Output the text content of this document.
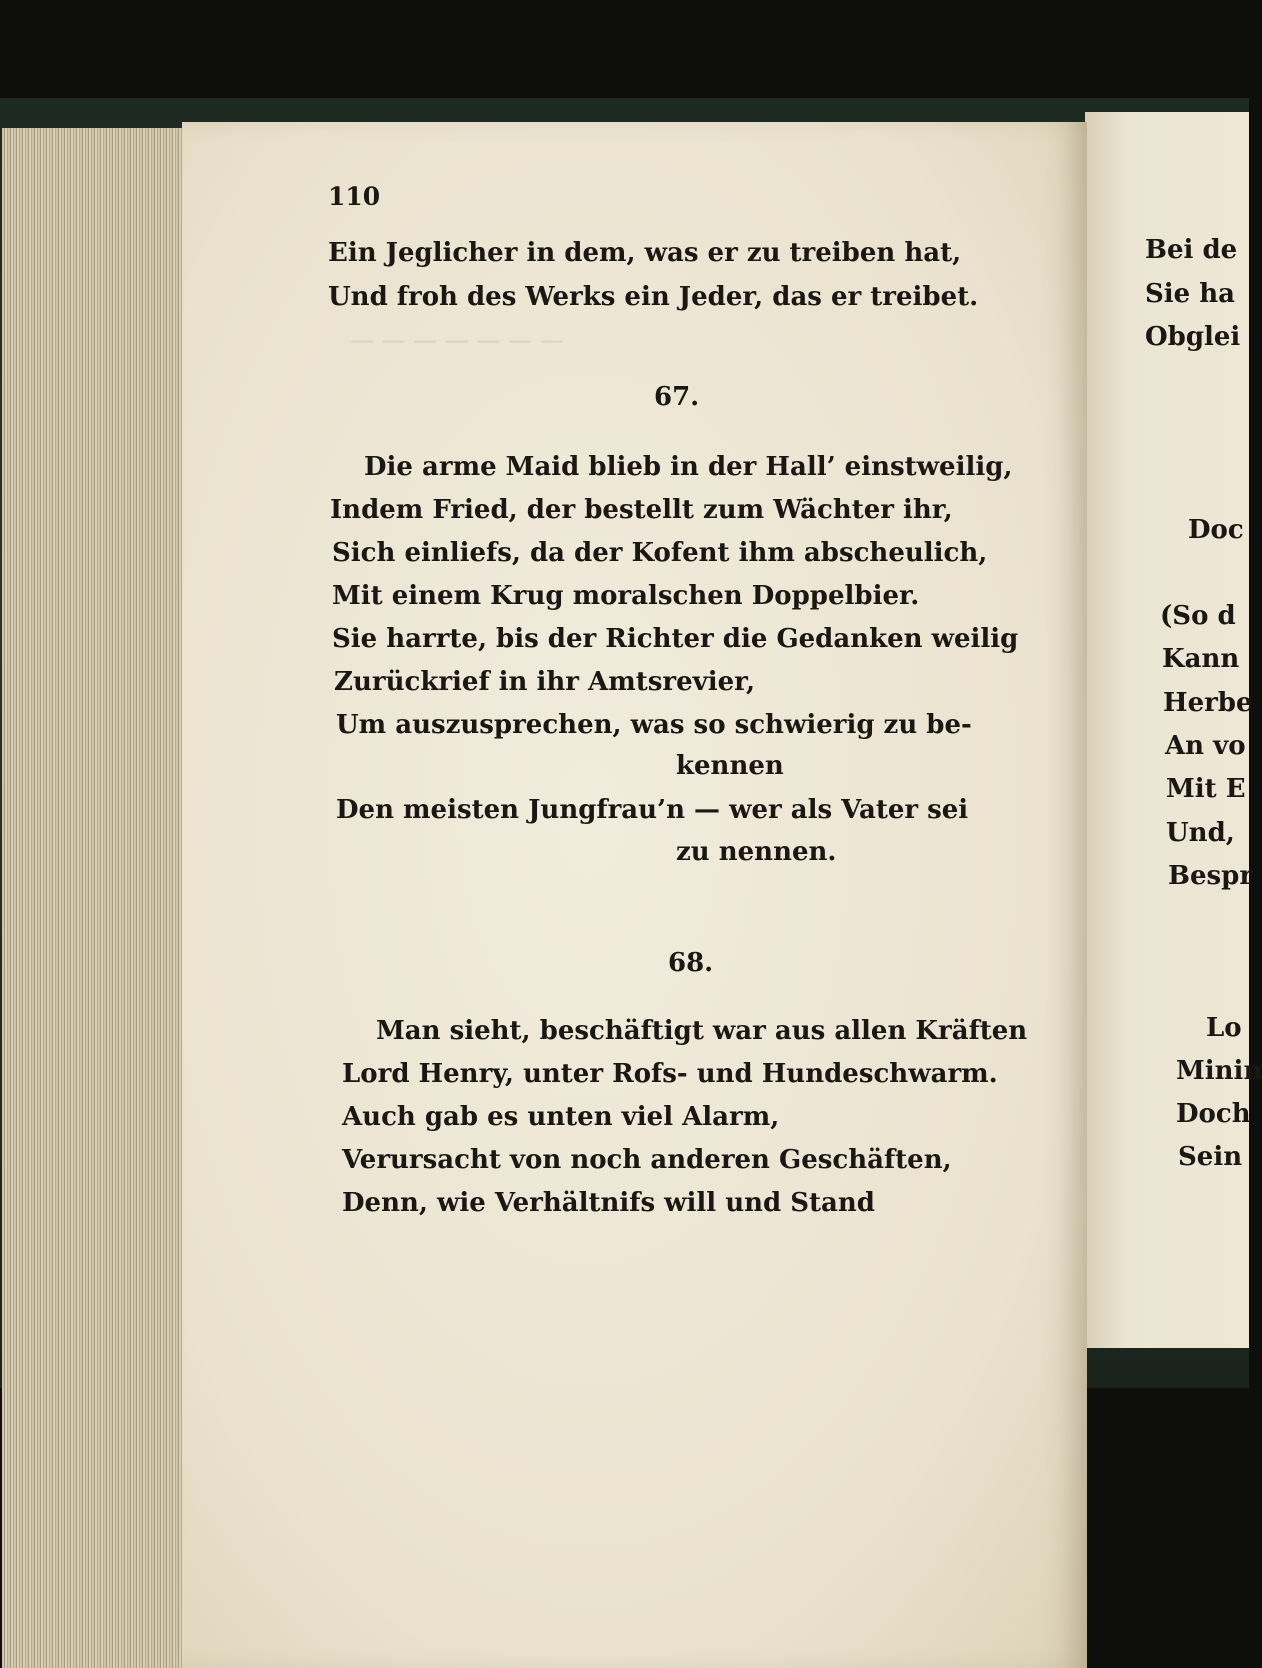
— — — — — — —
110
Ein Jeglicher in dem, was er zu treiben hat,
Und froh des Werks ein Jeder, das er treibet.
67.
Die arme Maid blieb in der Hall’ einstweilig,
Indem Fried, der bestellt zum Wächter ihr,
Sich einliefs, da der Kofent ihm abscheulich,
Mit einem Krug moralschen Doppelbier.
Sie harrte, bis der Richter die Gedanken weilig
Zurückrief in ihr Amtsrevier,
Um auszusprechen, was so schwierig zu be-
kennen
Den meisten Jungfrau’n — wer als Vater sei
zu nennen.
68.
Man sieht, beschäftigt war aus allen Kräften
Lord Henry, unter Rofs- und Hundeschwarm.
Auch gab es unten viel Alarm,
Verursacht von noch anderen Geschäften,
Denn, wie Verhältnifs will und Stand
Bei de
Sie ha
Obglei
Doc
(So d
Kann
Herbe
An vo
Mit E
Und,
Bespr
Lo
Minin
Doch
Sein
